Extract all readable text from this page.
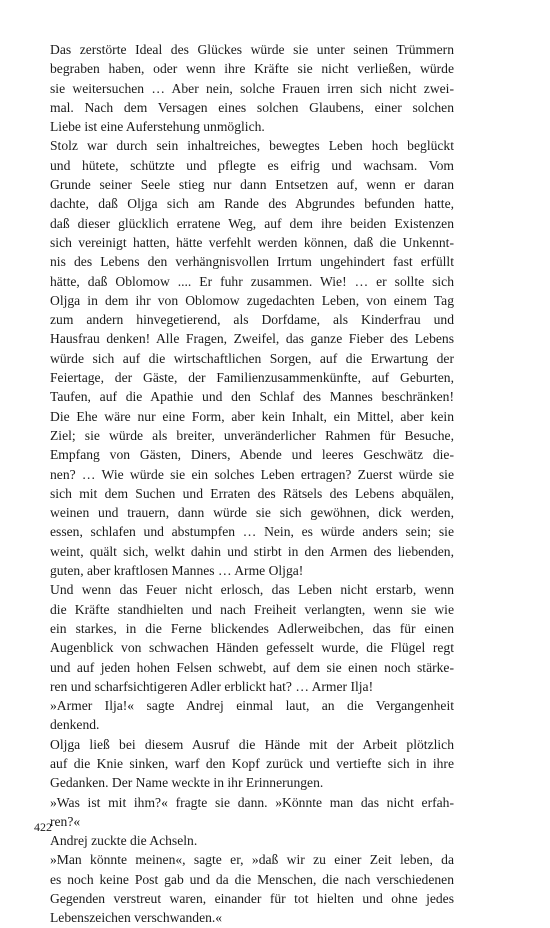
Das zerstörte Ideal des Glückes würde sie unter seinen Trümmern
begraben haben, oder wenn ihre Kräfte sie nicht verließen, würde
sie weitersuchen … Aber nein, solche Frauen irren sich nicht zwei-
mal. Nach dem Versagen eines solchen Glaubens, einer solchen
Liebe ist eine Auferstehung unmöglich.
Stolz war durch sein inhaltreiches, bewegtes Leben hoch beglückt
und hütete, schützte und pflegte es eifrig und wachsam. Vom
Grunde seiner Seele stieg nur dann Entsetzen auf, wenn er daran
dachte, daß Oljga sich am Rande des Abgrundes befunden hatte,
daß dieser glücklich erratene Weg, auf dem ihre beiden Existenzen
sich vereinigt hatten, hätte verfehlt werden können, daß die Unkennt-
nis des Lebens den verhängnisvollen Irrtum ungehindert fast erfüllt
hätte, daß Oblomow .... Er fuhr zusammen. Wie! … er sollte sich
Oljga in dem ihr von Oblomow zugedachten Leben, von einem Tag
zum andern hinvegetierend, als Dorfdame, als Kinderfrau und
Hausfrau denken! Alle Fragen, Zweifel, das ganze Fieber des Lebens
würde sich auf die wirtschaftlichen Sorgen, auf die Erwartung der
Feiertage, der Gäste, der Familienzusammenkünfte, auf Geburten,
Taufen, auf die Apathie und den Schlaf des Mannes beschränken!
Die Ehe wäre nur eine Form, aber kein Inhalt, ein Mittel, aber kein
Ziel; sie würde als breiter, unveränderlicher Rahmen für Besuche,
Empfang von Gästen, Diners, Abende und leeres Geschwätz die-
nen? … Wie würde sie ein solches Leben ertragen? Zuerst würde sie
sich mit dem Suchen und Erraten des Rätsels des Lebens abquälen,
weinen und trauern, dann würde sie sich gewöhnen, dick werden,
essen, schlafen und abstumpfen … Nein, es würde anders sein; sie
weint, quält sich, welkt dahin und stirbt in den Armen des liebenden,
guten, aber kraftlosen Mannes … Arme Oljga!
Und wenn das Feuer nicht erlosch, das Leben nicht erstarb, wenn
die Kräfte standhielten und nach Freiheit verlangten, wenn sie wie
ein starkes, in die Ferne blickendes Adlerweibchen, das für einen
Augenblick von schwachen Händen gefesselt wurde, die Flügel regt
und auf jeden hohen Felsen schwebt, auf dem sie einen noch stärke-
ren und scharfsichtigeren Adler erblickt hat? … Armer Ilja!
»Armer Ilja!« sagte Andrej einmal laut, an die Vergangenheit
denkend.
Oljga ließ bei diesem Ausruf die Hände mit der Arbeit plötzlich
auf die Knie sinken, warf den Kopf zurück und vertiefte sich in ihre
Gedanken. Der Name weckte in ihr Erinnerungen.
»Was ist mit ihm?« fragte sie dann. »Könnte man das nicht erfah-
ren?«
Andrej zuckte die Achseln.
»Man könnte meinen«, sagte er, »daß wir zu einer Zeit leben, da
es noch keine Post gab und da die Menschen, die nach verschiedenen
Gegenden verstreut waren, einander für tot hielten und ohne jedes
Lebenszeichen verschwanden.«
422
